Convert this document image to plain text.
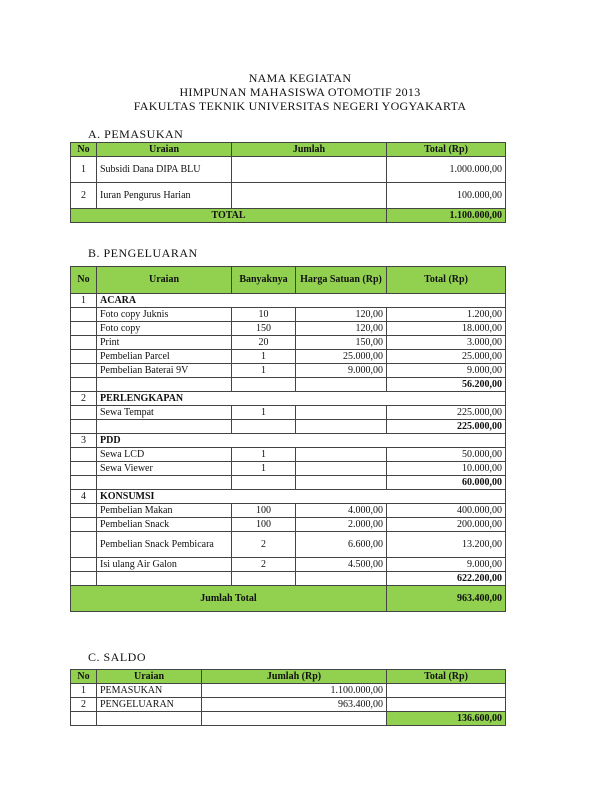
NAMA KEGIATAN
HIMPUNAN MAHASISWA OTOMOTIF 2013
FAKULTAS TEKNIK UNIVERSITAS NEGERI YOGYAKARTA
A. PEMASUKAN
No	Uraian	Jumlah	Total (Rp)
1	Subsidi Dana DIPA BLU		1.000.000,00
2	Iuran Pengurus Harian		100.000,00
TOTAL			1.100.000,00
B. PENGELUARAN
No	Uraian	Banyaknya	Harga Satuan (Rp)	Total (Rp)
1	ACARA			
	Foto copy Juknis	10	120,00	1.200,00
	Foto copy	150	120,00	18.000,00
	Print	20	150,00	3.000,00
	Pembelian Parcel	1	25.000,00	25.000,00
	Pembelian Baterai 9V	1	9.000,00	9.000,00
				56.200,00
2	PERLENGKAPAN			
	Sewa Tempat	1		225.000,00
				225.000,00
3	PDD			
	Sewa LCD	1		50.000,00
	Sewa Viewer	1		10.000,00
				60.000,00
4	KONSUMSI			
	Pembelian Makan	100	4.000,00	400.000,00
	Pembelian Snack	100	2.000,00	200.000,00
	Pembelian Snack Pembicara	2	6.600,00	13.200,00
	Isi ulang Air Galon	2	4.500,00	9.000,00
				622.200,00
Jumlah Total				963.400,00
C. SALDO
No	Uraian	Jumlah (Rp)	Total (Rp)
1	PEMASUKAN	1.100.000,00	
2	PENGELUARAN	963.400,00	
			136.600,00
